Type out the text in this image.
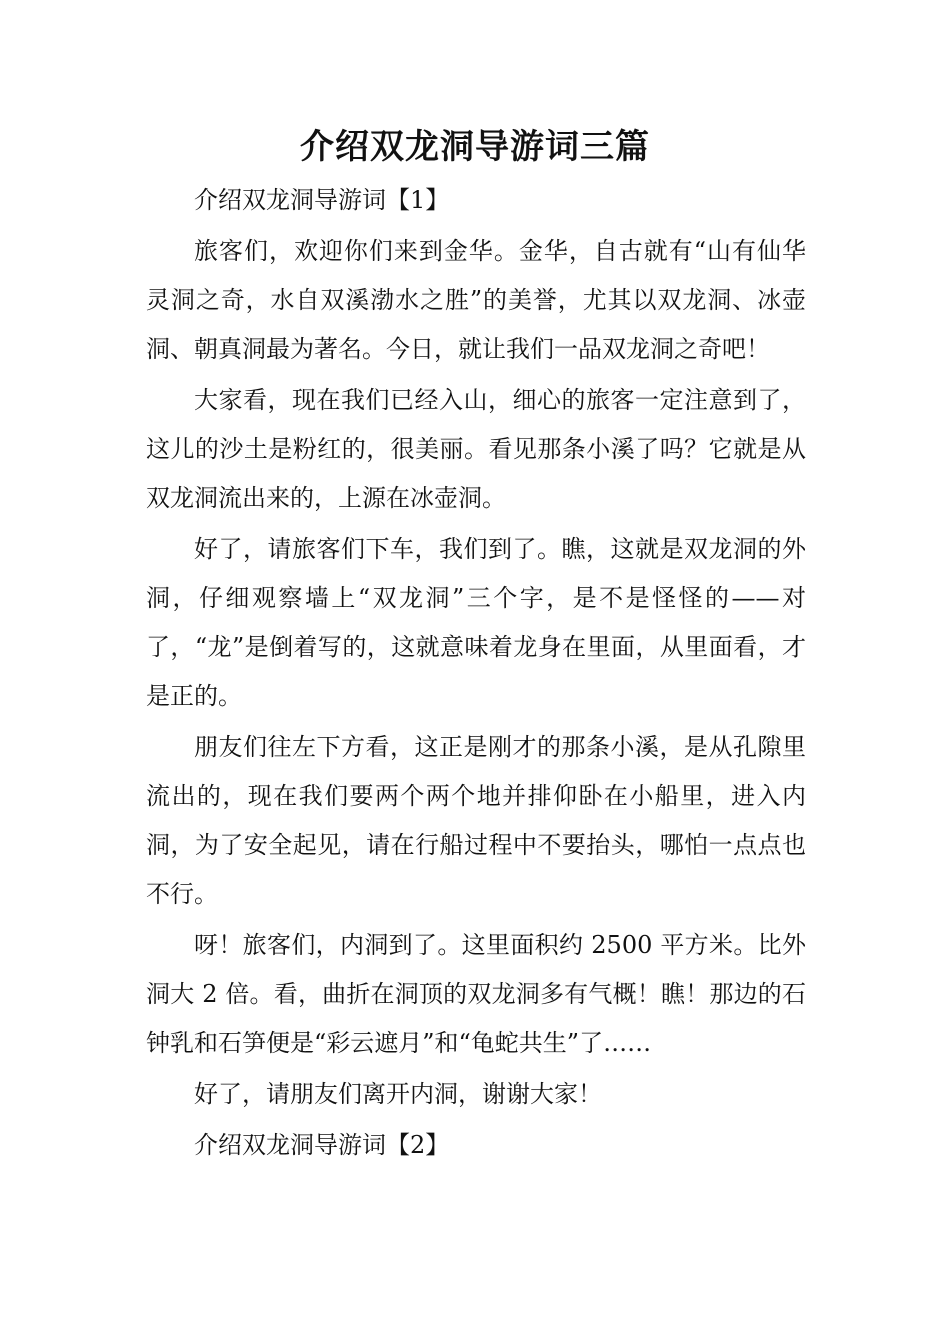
介绍双龙洞导游词三篇

介绍双龙洞导游词【1】

旅客们，欢迎你们来到金华。金华，自古就有“山有仙华灵洞之奇，水自双溪渤水之胜”的美誉，尤其以双龙洞、冰壶洞、朝真洞最为著名。今日，就让我们一品双龙洞之奇吧！

大家看，现在我们已经入山，细心的旅客一定注意到了，这儿的沙土是粉红的，很美丽。看见那条小溪了吗？它就是从双龙洞流出来的，上源在冰壶洞。

好了，请旅客们下车，我们到了。瞧，这就是双龙洞的外洞，仔细观察墙上“双龙洞”三个字，是不是怪怪的——对了，“龙”是倒着写的，这就意味着龙身在里面，从里面看，才是正的。

朋友们往左下方看，这正是刚才的那条小溪，是从孔隙里流出的，现在我们要两个两个地并排仰卧在小船里，进入内洞，为了安全起见，请在行船过程中不要抬头，哪怕一点点也不行。

呀！旅客们，内洞到了。这里面积约 2500 平方米。比外洞大 2 倍。看，曲折在洞顶的双龙洞多有气概！瞧！那边的石钟乳和石笋便是“彩云遮月”和“龟蛇共生”了……

好了，请朋友们离开内洞，谢谢大家！

介绍双龙洞导游词【2】
